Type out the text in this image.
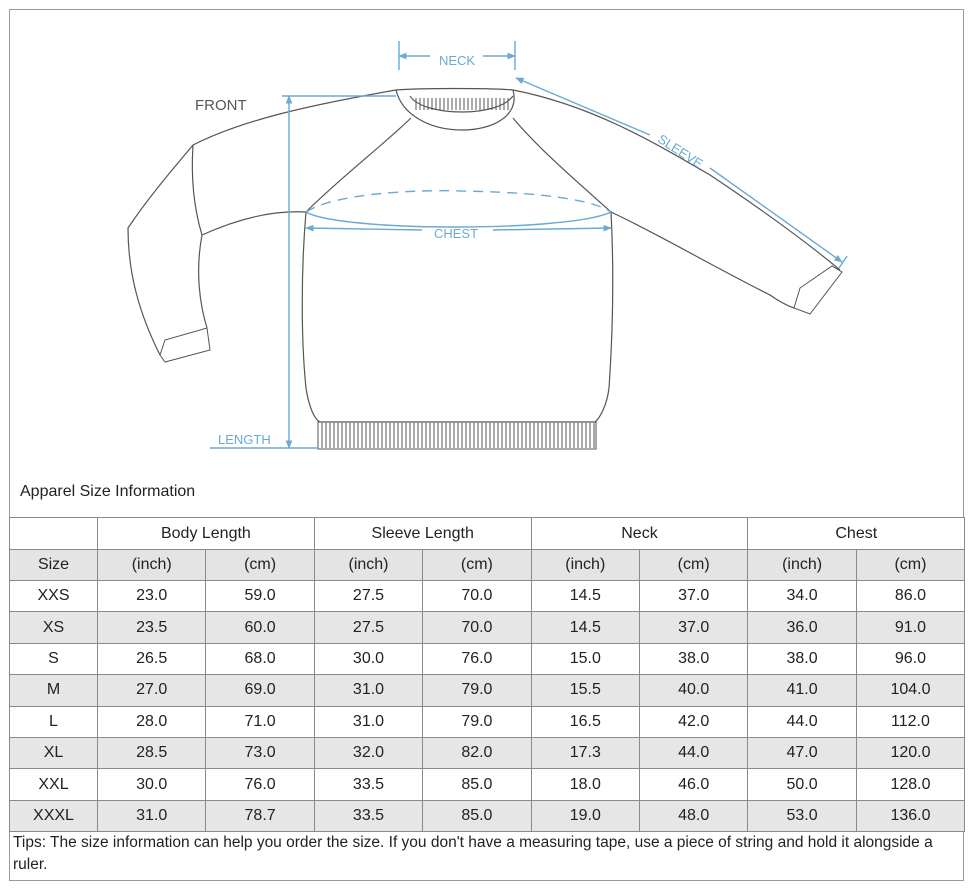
FRONT
NECK
SLEEVE
CHEST
LENGTH
Apparel Size Information
	Body Length		Sleeve Length		Neck		Chest	
Size	(inch)	(cm)	(inch)	(cm)	(inch)	(cm)	(inch)	(cm)
XXS	23.0	59.0	27.5	70.0	14.5	37.0	34.0	86.0
XS	23.5	60.0	27.5	70.0	14.5	37.0	36.0	91.0
S	26.5	68.0	30.0	76.0	15.0	38.0	38.0	96.0
M	27.0	69.0	31.0	79.0	15.5	40.0	41.0	104.0
L	28.0	71.0	31.0	79.0	16.5	42.0	44.0	112.0
XL	28.5	73.0	32.0	82.0	17.3	44.0	47.0	120.0
XXL	30.0	76.0	33.5	85.0	18.0	46.0	50.0	128.0
XXXL	31.0	78.7	33.5	85.0	19.0	48.0	53.0	136.0
Tips: The size information can help you order the size. If you don't have a measuring tape, use a piece of string and hold it alongside a ruler.
